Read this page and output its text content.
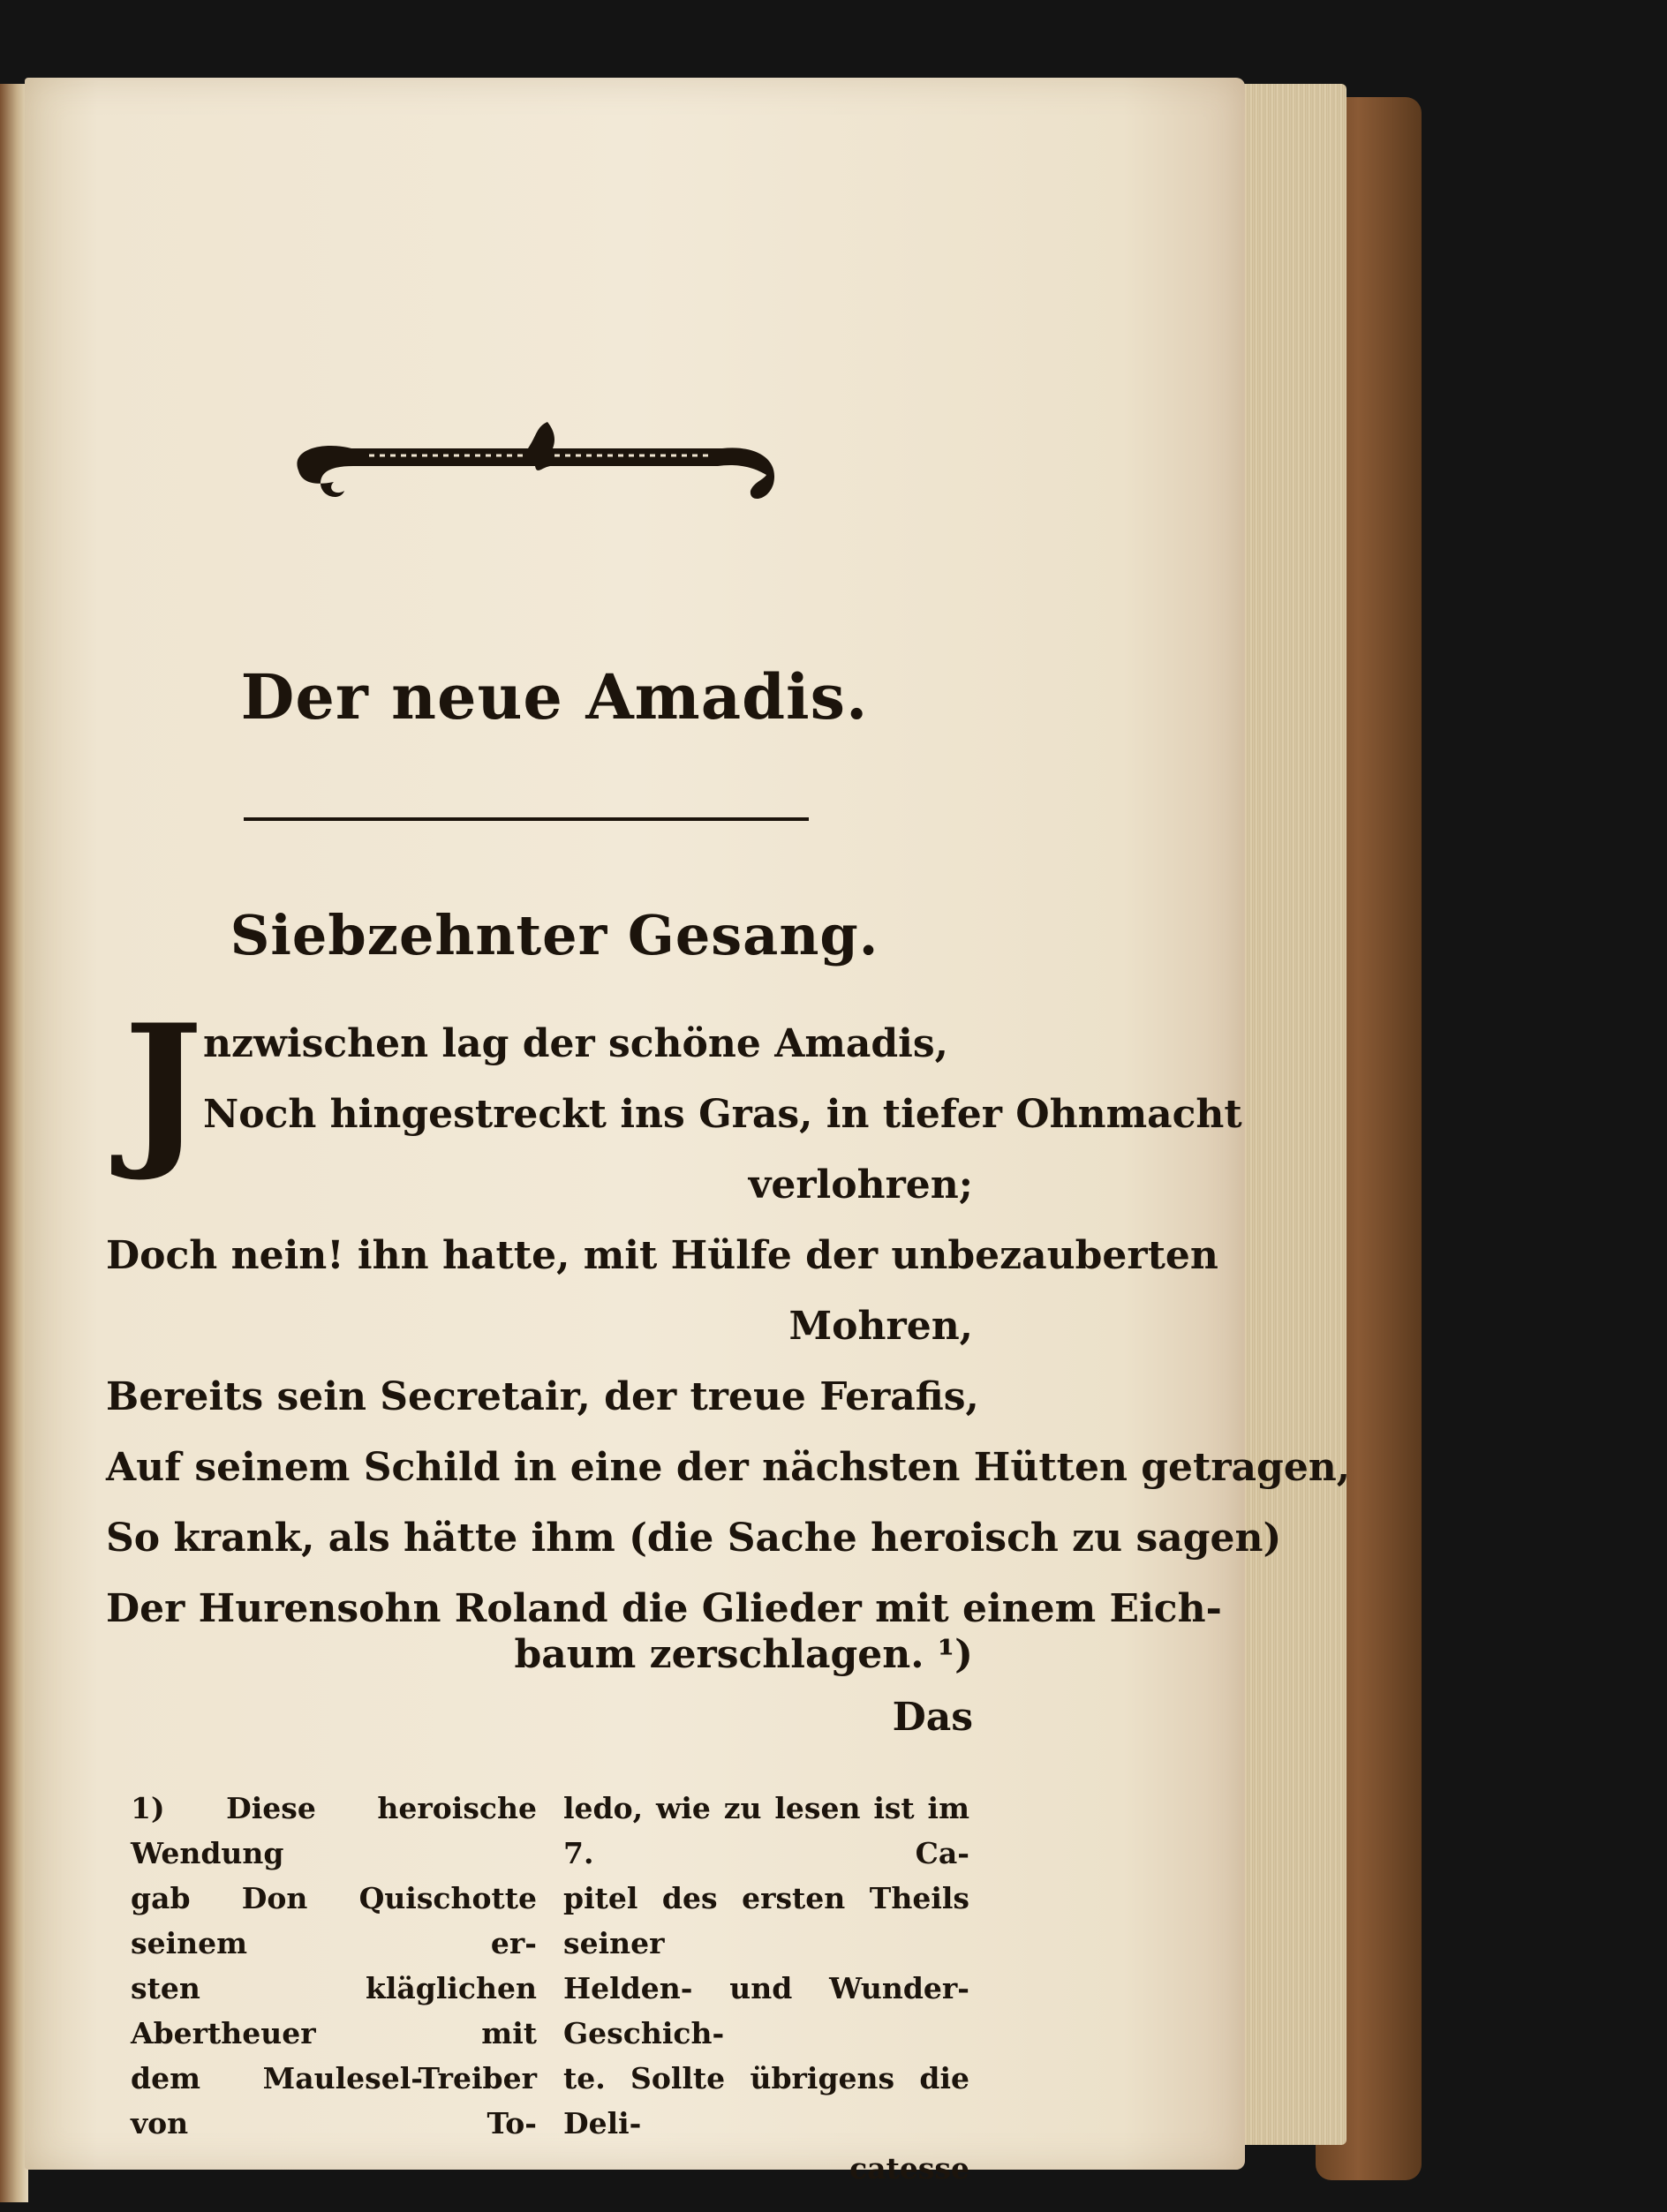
Der neue Amadis.
Siebzehnter Gesang.
J nzwischen lag der schöne Amadis,
Noch hingestreckt ins Gras, in tiefer Ohnmacht
verlohren;
Doch nein! ihn hatte, mit Hülfe der unbezauberten
Mohren,
Bereits sein Secretair, der treue Ferafis,
Auf seinem Schild in eine der nächsten Hütten getragen,
So krank, als hätte ihm (die Sache heroisch zu sagen)
Der Hurensohn Roland die Glieder mit einem Eich-
baum zerschlagen. ¹)
Das

1) Diese heroische Wendung

gab Don Quischotte seinem er-

sten kläglichen Abertheuer mit

dem Maulesel-Treiber von To-

ledo, wie zu lesen ist im 7. Ca-

pitel des ersten Theils seiner

Helden- und Wunder-Geschich-

te. Sollte übrigens die Deli-

catesse
